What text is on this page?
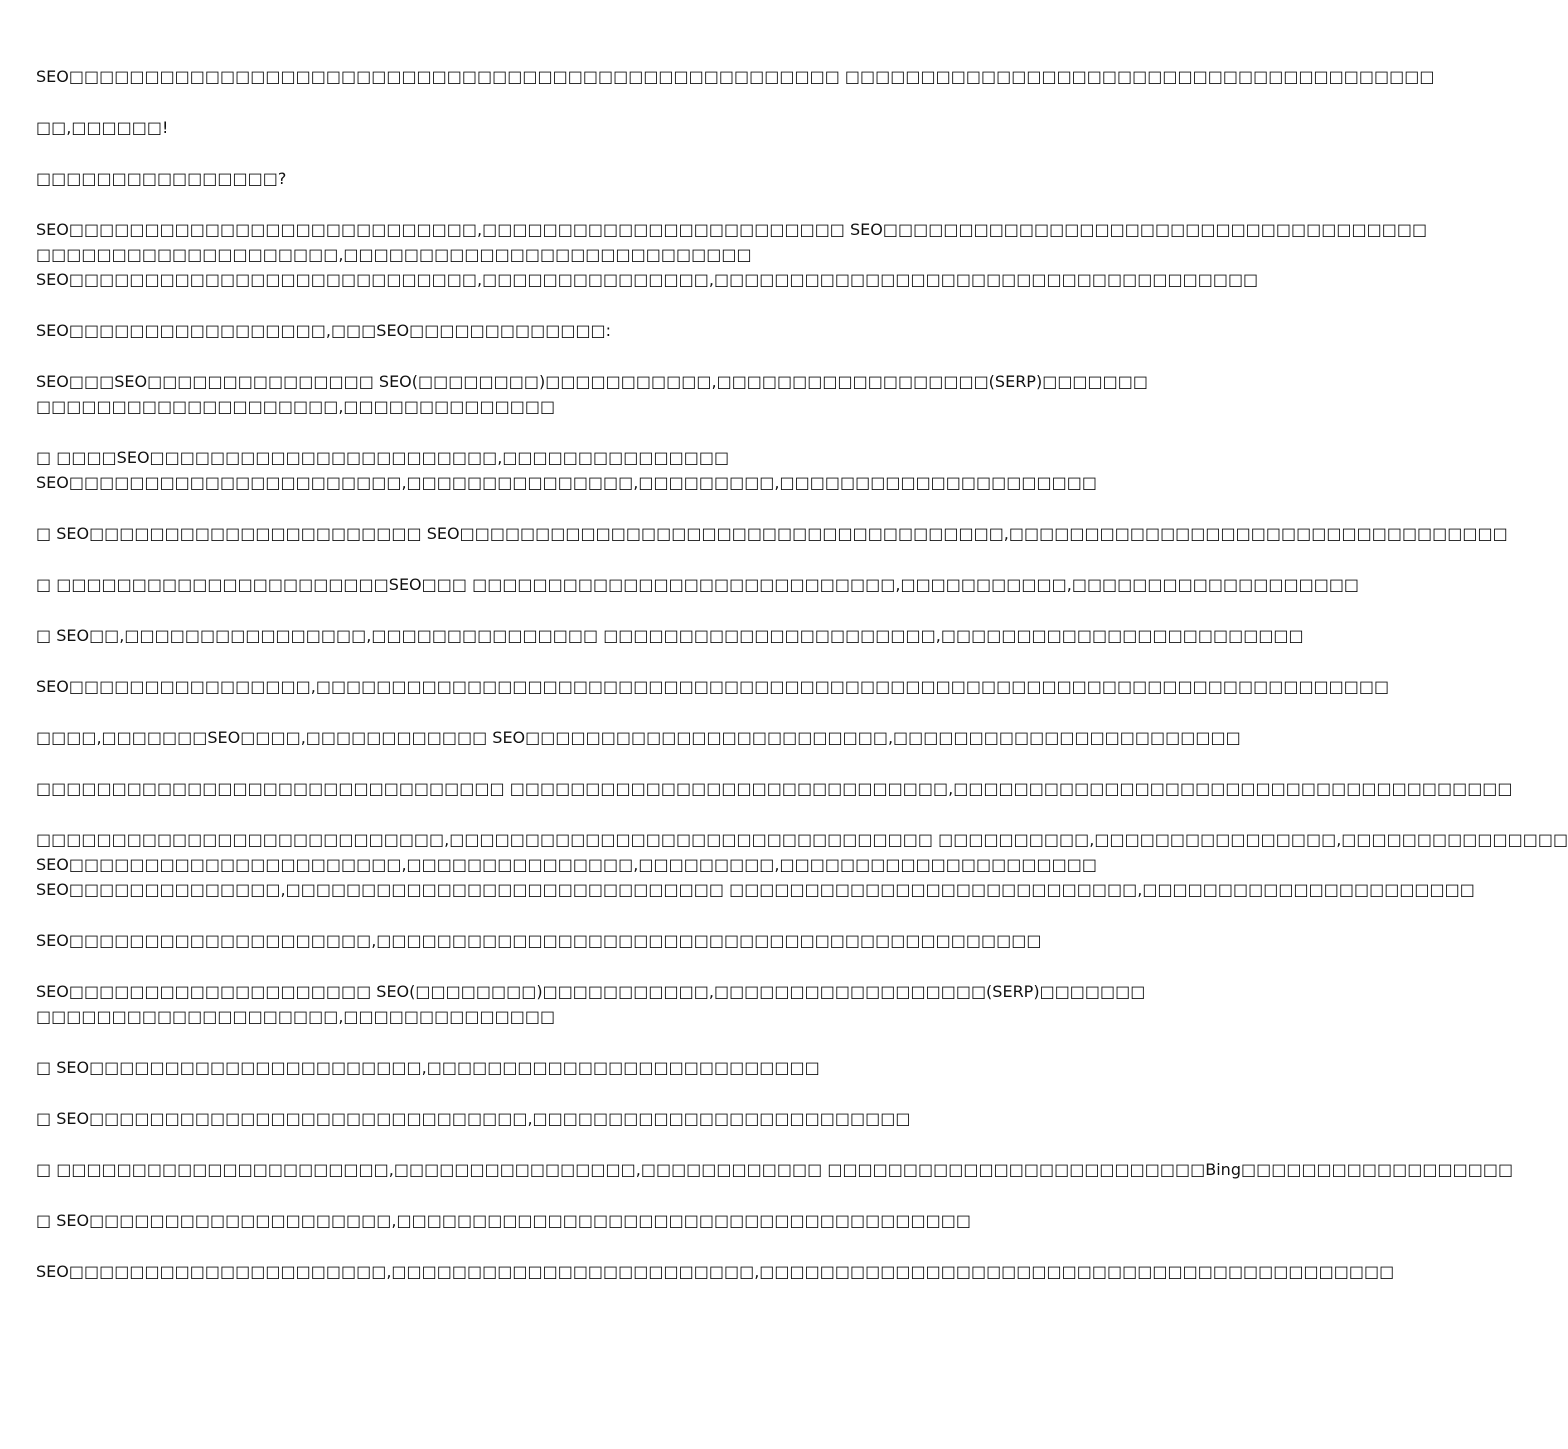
SEO□□□□□□□□□□□□□□□□□□□□□□□□□□□□□□□□□□□□□□□□□□□□□□□□□□□ □□□□□□□□□□□□□□□□□□□□□□□□□□□□□□□□□□□□□□□

□□,□□□□□□!

□□□□□□□□□□□□□□□□?

SEO□□□□□□□□□□□□□□□□□□□□□□□□□□□,□□□□□□□□□□□□□□□□□□□□□□□□ SEO□□□□□□□□□□□□□□□□□□□□□□□□□□□□□□□□□□□□
□□□□□□□□□□□□□□□□□□□□,□□□□□□□□□□□□□□□□□□□□□□□□□□□
SEO□□□□□□□□□□□□□□□□□□□□□□□□□□□,□□□□□□□□□□□□□□□,□□□□□□□□□□□□□□□□□□□□□□□□□□□□□□□□□□□□

SEO□□□□□□□□□□□□□□□□□,□□□SEO□□□□□□□□□□□□□:

SEO□□□SEO□□□□□□□□□□□□□□□ SEO(□□□□□□□□)□□□□□□□□□□□,□□□□□□□□□□□□□□□□□□(SERP)□□□□□□□
□□□□□□□□□□□□□□□□□□□□,□□□□□□□□□□□□□□

□ □□□□SEO□□□□□□□□□□□□□□□□□□□□□□□,□□□□□□□□□□□□□□□
SEO□□□□□□□□□□□□□□□□□□□□□□,□□□□□□□□□□□□□□□,□□□□□□□□□,□□□□□□□□□□□□□□□□□□□□□

□ SEO□□□□□□□□□□□□□□□□□□□□□□ SEO□□□□□□□□□□□□□□□□□□□□□□□□□□□□□□□□□□□□,□□□□□□□□□□□□□□□□□□□□□□□□□□□□□□□□□

□ □□□□□□□□□□□□□□□□□□□□□□SEO□□□ □□□□□□□□□□□□□□□□□□□□□□□□□□□□,□□□□□□□□□□□,□□□□□□□□□□□□□□□□□□□

□ SEO□□,□□□□□□□□□□□□□□□□,□□□□□□□□□□□□□□□ □□□□□□□□□□□□□□□□□□□□□□,□□□□□□□□□□□□□□□□□□□□□□□□

SEO□□□□□□□□□□□□□□□□,□□□□□□□□□□□□□□□□□□□□□□□□□□□□□□□□□□□□□□□□□□□□□□□□□□□□□□□□□□□□□□□□□□□□□□□

□□□□,□□□□□□□SEO□□□□,□□□□□□□□□□□□ SEO□□□□□□□□□□□□□□□□□□□□□□□□,□□□□□□□□□□□□□□□□□□□□□□□

□□□□□□□□□□□□□□□□□□□□□□□□□□□□□□□ □□□□□□□□□□□□□□□□□□□□□□□□□□□□□,□□□□□□□□□□□□□□□□□□□□□□□□□□□□□□□□□□□□□

□□□□□□□□□□□□□□□□□□□□□□□□□□□,□□□□□□□□□□□□□□□□□□□□□□□□□□□□□□□□ □□□□□□□□□□,□□□□□□□□□□□□□□□□,□□□□□□□□□□□□□□□
SEO□□□□□□□□□□□□□□□□□□□□□□,□□□□□□□□□□□□□□□,□□□□□□□□□,□□□□□□□□□□□□□□□□□□□□□
SEO□□□□□□□□□□□□□□,□□□□□□□□□□□□□□□□□□□□□□□□□□□□□ □□□□□□□□□□□□□□□□□□□□□□□□□□□,□□□□□□□□□□□□□□□□□□□□□□

SEO□□□□□□□□□□□□□□□□□□□□,□□□□□□□□□□□□□□□□□□□□□□□□□□□□□□□□□□□□□□□□□□□□

SEO□□□□□□□□□□□□□□□□□□□□ SEO(□□□□□□□□)□□□□□□□□□□□,□□□□□□□□□□□□□□□□□□(SERP)□□□□□□□
□□□□□□□□□□□□□□□□□□□□,□□□□□□□□□□□□□□

□ SEO□□□□□□□□□□□□□□□□□□□□□□,□□□□□□□□□□□□□□□□□□□□□□□□□□

□ SEO□□□□□□□□□□□□□□□□□□□□□□□□□□□□□,□□□□□□□□□□□□□□□□□□□□□□□□□

□ □□□□□□□□□□□□□□□□□□□□□□,□□□□□□□□□□□□□□□□,□□□□□□□□□□□□ □□□□□□□□□□□□□□□□□□□□□□□□□Bing□□□□□□□□□□□□□□□□□□

□ SEO□□□□□□□□□□□□□□□□□□□□,□□□□□□□□□□□□□□□□□□□□□□□□□□□□□□□□□□□□□□

SEO□□□□□□□□□□□□□□□□□□□□□,□□□□□□□□□□□□□□□□□□□□□□□□,□□□□□□□□□□□□□□□□□□□□□□□□□□□□□□□□□□□□□□□□□□
